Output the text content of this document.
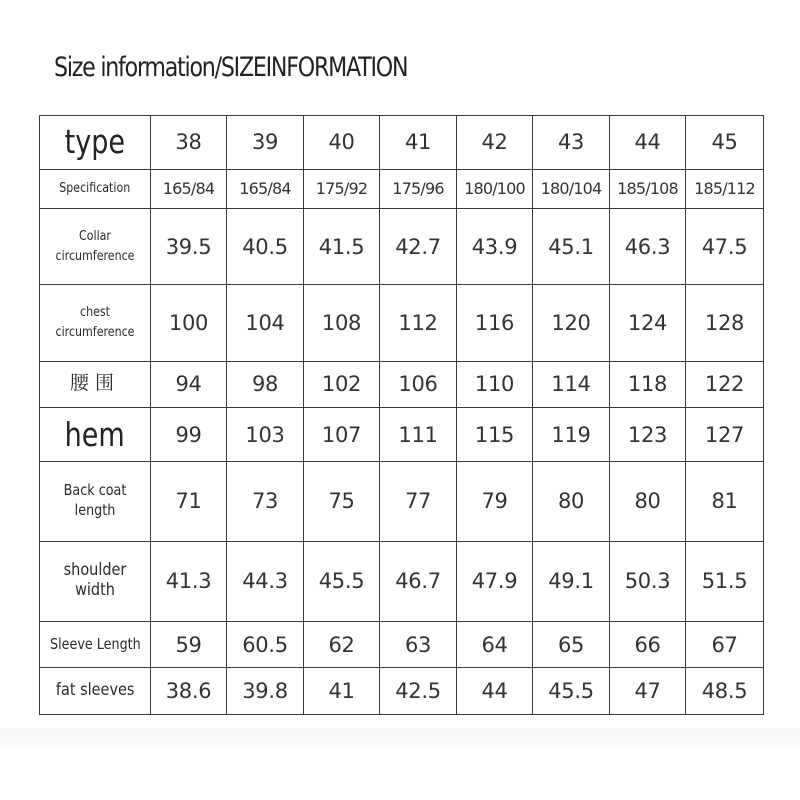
Size information/SIZEINFORMATION
type	38	39	40	41	42	43	44	45
Specification	165/84	165/84	175/92	175/96	180/100	180/104	185/108	185/112
Collar circumference	39.5	40.5	41.5	42.7	43.9	45.1	46.3	47.5
chest circumference	100	104	108	112	116	120	124	128
腰围	94	98	102	106	110	114	118	122
hem	99	103	107	111	115	119	123	127
Back coat length	71	73	75	77	79	80	80	81
shoulder width	41.3	44.3	45.5	46.7	47.9	49.1	50.3	51.5
Sleeve Length	59	60.5	62	63	64	65	66	67
fat sleeves	38.6	39.8	41	42.5	44	45.5	47	48.5
